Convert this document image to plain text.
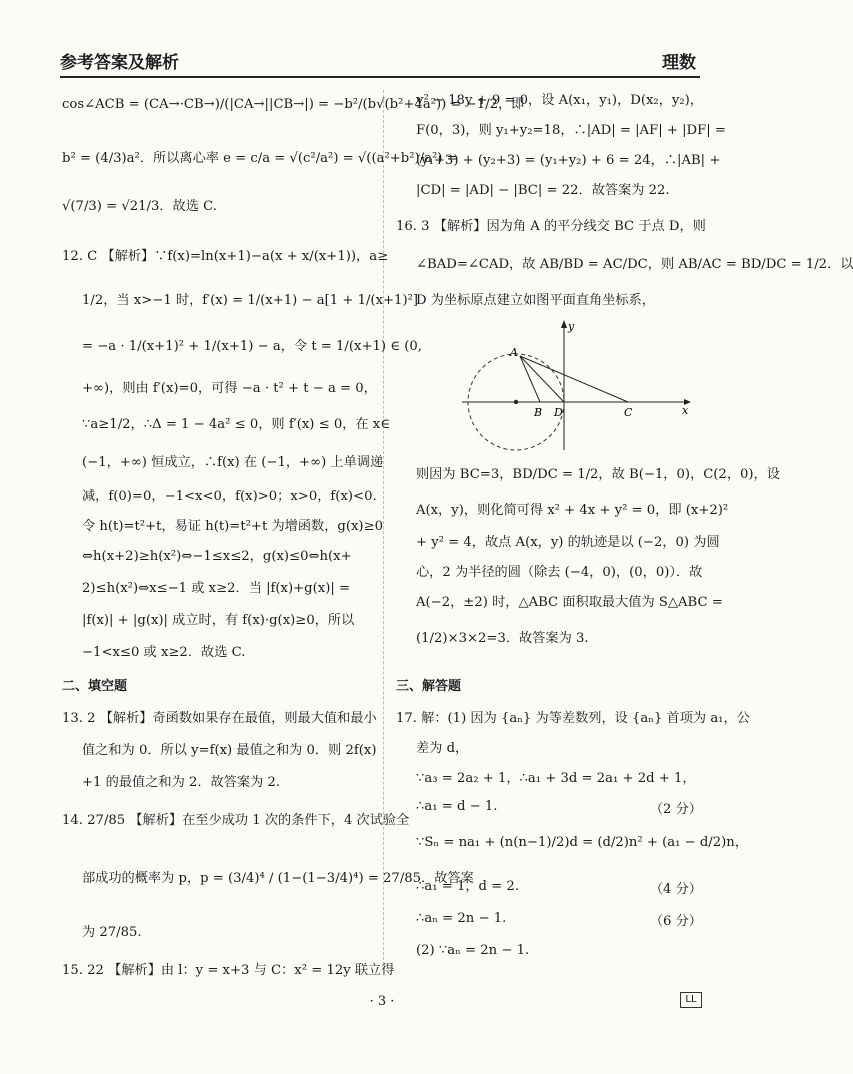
参考答案及解析	理数
cos∠ACB = (CA→·CB→)/(|CA→||CB→|) = −b²/(b√(b²+4a²)) = −1/2，即
b² = (4/3)a²．所以离心率 e = c/a = √(c²/a²) = √((a²+b²)/a²) =
√(7/3) = √21/3．故选 C.
12. C 【解析】∵f(x)=ln(x+1)−a(x + x/(x+1))，a≥
1/2，当 x>−1 时，f′(x) = 1/(x+1) − a[1 + 1/(x+1)²]
= −a · 1/(x+1)² + 1/(x+1) − a，令 t = 1/(x+1) ∈ (0,
+∞)，则由 f′(x)=0，可得 −a · t² + t − a = 0，
∵a≥1/2，∴Δ = 1 − 4a² ≤ 0，则 f′(x) ≤ 0，在 x∈
(−1，+∞) 恒成立，∴f(x) 在 (−1，+∞) 上单调递
减，f(0)=0，−1<x<0，f(x)>0；x>0，f(x)<0.
令 h(t)=t²+t，易证 h(t)=t²+t 为增函数，g(x)≥0
⇔h(x+2)≥h(x²)⇔−1≤x≤2，g(x)≤0⇔h(x+
2)≤h(x²)⇔x≤−1 或 x≥2．当 |f(x)+g(x)| =
|f(x)| + |g(x)| 成立时，有 f(x)·g(x)≥0，所以
−1<x≤0 或 x≥2．故选 C.
二、填空题
13. 2 【解析】奇函数如果存在最值，则最大值和最小
值之和为 0．所以 y=f(x) 最值之和为 0．则 2f(x)
+1 的最值之和为 2．故答案为 2.
14. 27/85 【解析】在至少成功 1 次的条件下，4 次试验全
部成功的概率为 p，p = (3/4)⁴ / (1−(1−3/4)⁴) = 27/85．故答案
为 27/85.
15. 22 【解析】由 l：y = x+3 与 C：x² = 12y 联立得
y² − 18y + 9 = 0，设 A(x₁，y₁)，D(x₂，y₂)，
F(0，3)，则 y₁+y₂=18，∴|AD| = |AF| + |DF| =
(y₁+3) + (y₂+3) = (y₁+y₂) + 6 = 24，∴|AB| +
|CD| = |AD| − |BC| = 22．故答案为 22.
16. 3 【解析】因为角 A 的平分线交 BC 于点 D，则
∠BAD=∠CAD，故 AB/BD = AC/DC，则 AB/AC = BD/DC = 1/2．以
D 为坐标原点建立如图平面直角坐标系，
则因为 BC=3，BD/DC = 1/2，故 B(−1，0)，C(2，0)，设
A(x，y)，则化简可得 x² + 4x + y² = 0，即 (x+2)²
+ y² = 4，故点 A(x，y) 的轨迹是以 (−2，0) 为圆
心，2 为半径的圆（除去 (−4，0)，(0，0)）．故
A(−2，±2) 时，△ABC 面积取最大值为 S△ABC =
(1/2)×3×2=3．故答案为 3.
三、解答题
17. 解：(1) 因为 {aₙ} 为等差数列，设 {aₙ} 首项为 a₁，公
差为 d，
∵a₃ = 2a₂ + 1，∴a₁ + 3d = 2a₁ + 2d + 1，
∴a₁ = d − 1.	（2 分）
∵Sₙ = na₁ + (n(n−1)/2)d = (d/2)n² + (a₁ − d/2)n，
∴a₁ = 1，d = 2.	（4 分）
∴aₙ = 2n − 1.	（6 分）
(2) ∵aₙ = 2n − 1.
y
x
A
B D	C
· 3 ·	LL
